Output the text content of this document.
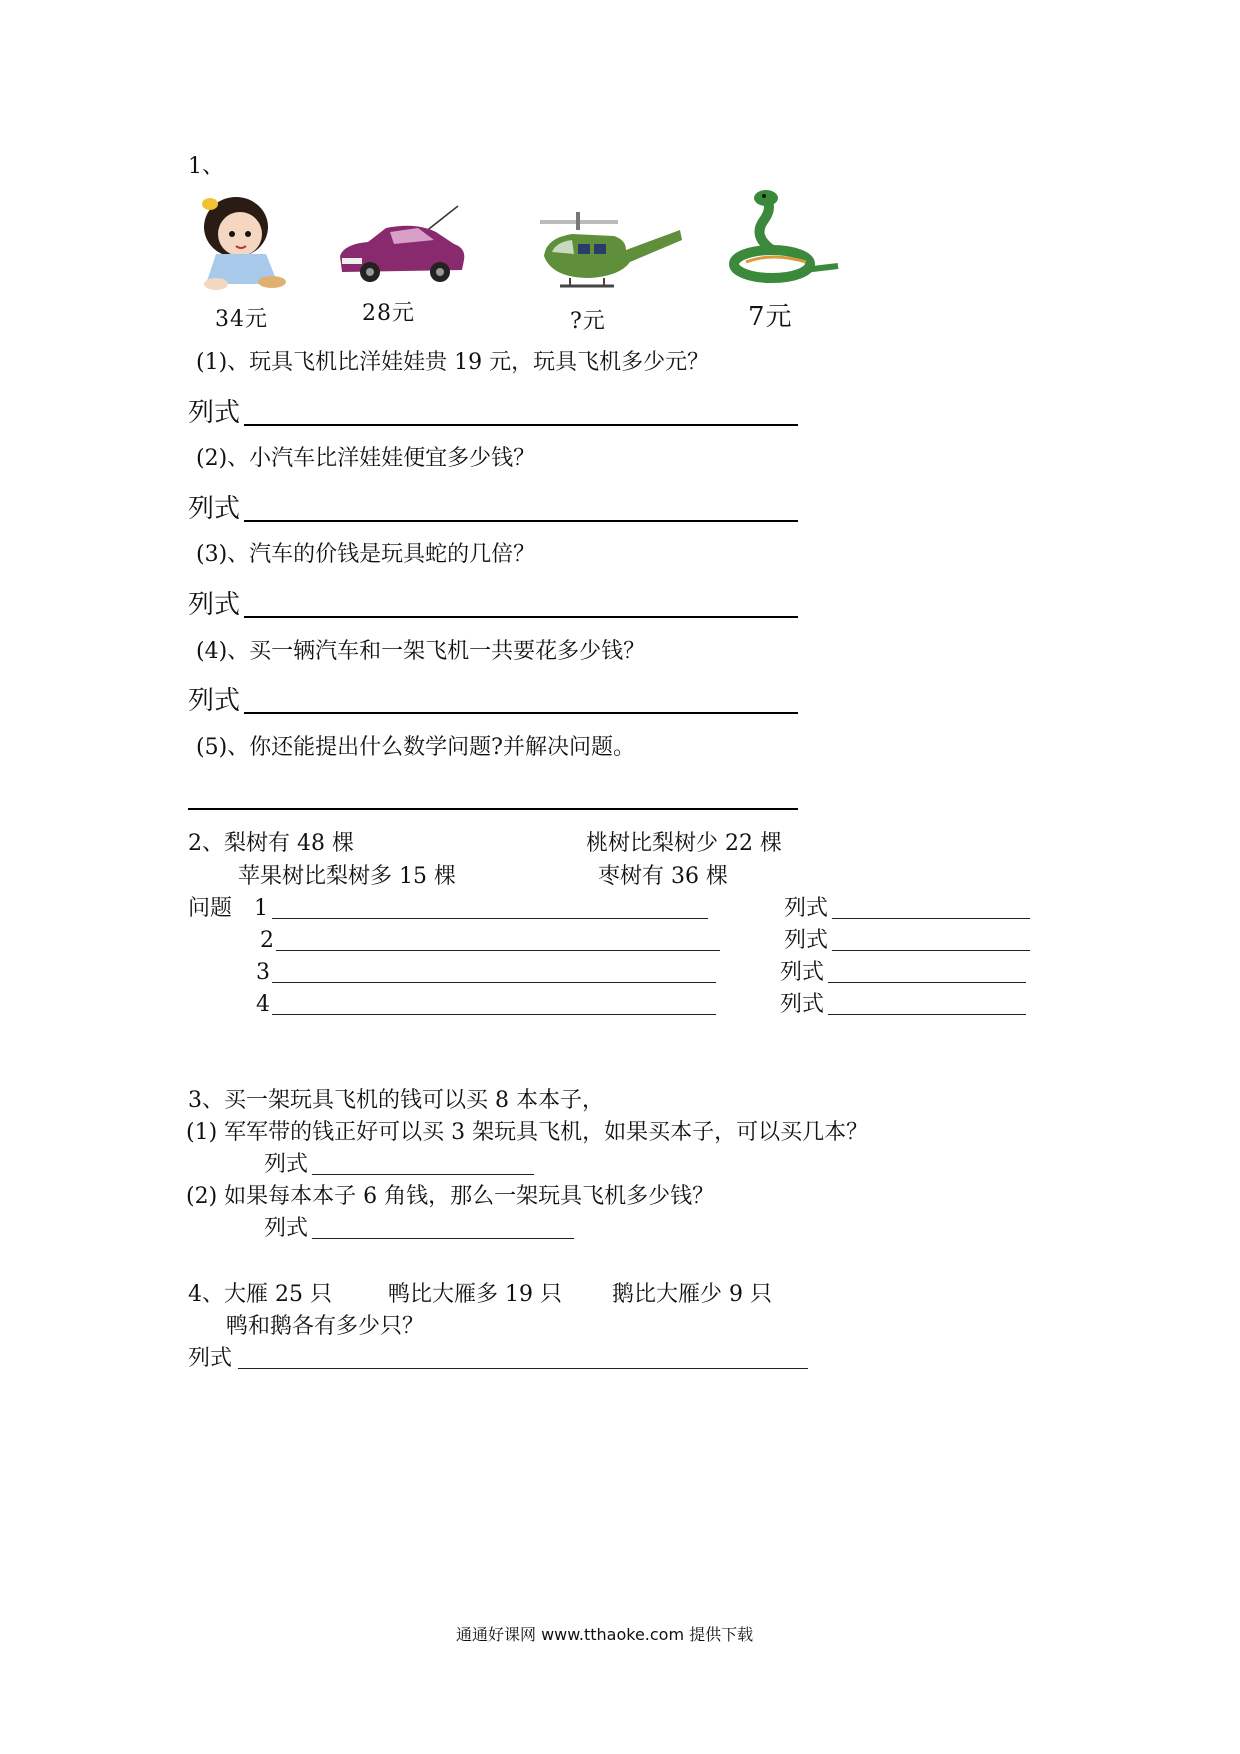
1、
34元	28元	?元	7元
(1)、玩具飞机比洋娃娃贵 19 元，玩具飞机多少元？
列式
(2)、小汽车比洋娃娃便宜多少钱？
列式
(3)、汽车的价钱是玩具蛇的几倍？
列式
(4)、买一辆汽车和一架飞机一共要花多少钱？
列式
(5)、你还能提出什么数学问题?并解决问题。
2、梨树有 48 棵	桃树比梨树少 22 棵
苹果树比梨树多 15 棵	枣树有 36 棵
问题 1	列式
2	列式
3	列式
4	列式
3、买一架玩具飞机的钱可以买 8 本本子，
(1) 军军带的钱正好可以买 3 架玩具飞机，如果买本子，可以买几本？
列式
(2) 如果每本本子 6 角钱，那么一架玩具飞机多少钱？
列式
4、大雁 25 只	鸭比大雁多 19 只 鹅比大雁少 9 只
鸭和鹅各有多少只？
列式
通通好课网 www.tthaoke.com 提供下载
